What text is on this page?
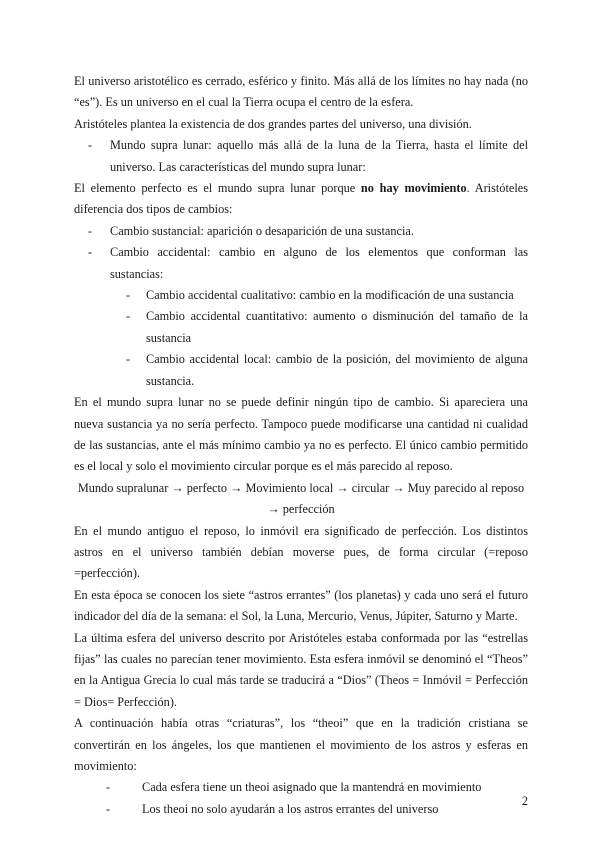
El universo aristotélico es cerrado, esférico y finito. Más allá de los límites no hay nada (no “es”). Es un universo en el cual la Tierra ocupa el centro de la esfera.

Aristóteles plantea la existencia de dos grandes partes del universo, una división.

- Mundo supra lunar: aquello más allá de la luna de la Tierra, hasta el límite del universo. Las características del mundo supra lunar:

El elemento perfecto es el mundo supra lunar porque no hay movimiento. Aristóteles diferencia dos tipos de cambios:

- Cambio sustancial: aparición o desaparición de una sustancia.
- Cambio accidental: cambio en alguno de los elementos que conforman las sustancias:
- Cambio accidental cualitativo: cambio en la modificación de una sustancia
- Cambio accidental cuantitativo: aumento o disminución del tamaño de la sustancia
- Cambio accidental local: cambio de la posición, del movimiento de alguna sustancia.

En el mundo supra lunar no se puede definir ningún tipo de cambio. Si apareciera una nueva sustancia ya no sería perfecto. Tampoco puede modificarse una cantidad ni cualidad de las sustancias, ante el más mínimo cambio ya no es perfecto. El único cambio permitido es el local y solo el movimiento circular porque es el más parecido al reposo.

Mundo supralunar → perfecto → Movimiento local → circular → Muy parecido al reposo

→ perfección

En el mundo antiguo el reposo, lo inmóvil era significado de perfección. Los distintos astros en el universo también debían moverse pues, de forma circular (=reposo =perfección).

En esta época se conocen los siete “astros errantes” (los planetas) y cada uno será el futuro indicador del día de la semana: el Sol, la Luna, Mercurio, Venus, Júpiter, Saturno y Marte.

La última esfera del universo descrito por Aristóteles estaba conformada por las “estrellas fijas” las cuales no parecían tener movimiento. Esta esfera inmóvil se denominó el “Theos” en la Antigua Grecia lo cual más tarde se traducirá a “Dios” (Theos = Inmóvil = Perfección = Dios= Perfección).

A continuación había otras “criaturas”, los “theoi” que en la tradición cristiana se convertirán en los ángeles, los que mantienen el movimiento de los astros y esferas en movimiento:

-	Cada esfera tiene un theoi asignado que la mantendrá en movimiento
-	Los theoi no solo ayudarán a los astros errantes del universo
2
